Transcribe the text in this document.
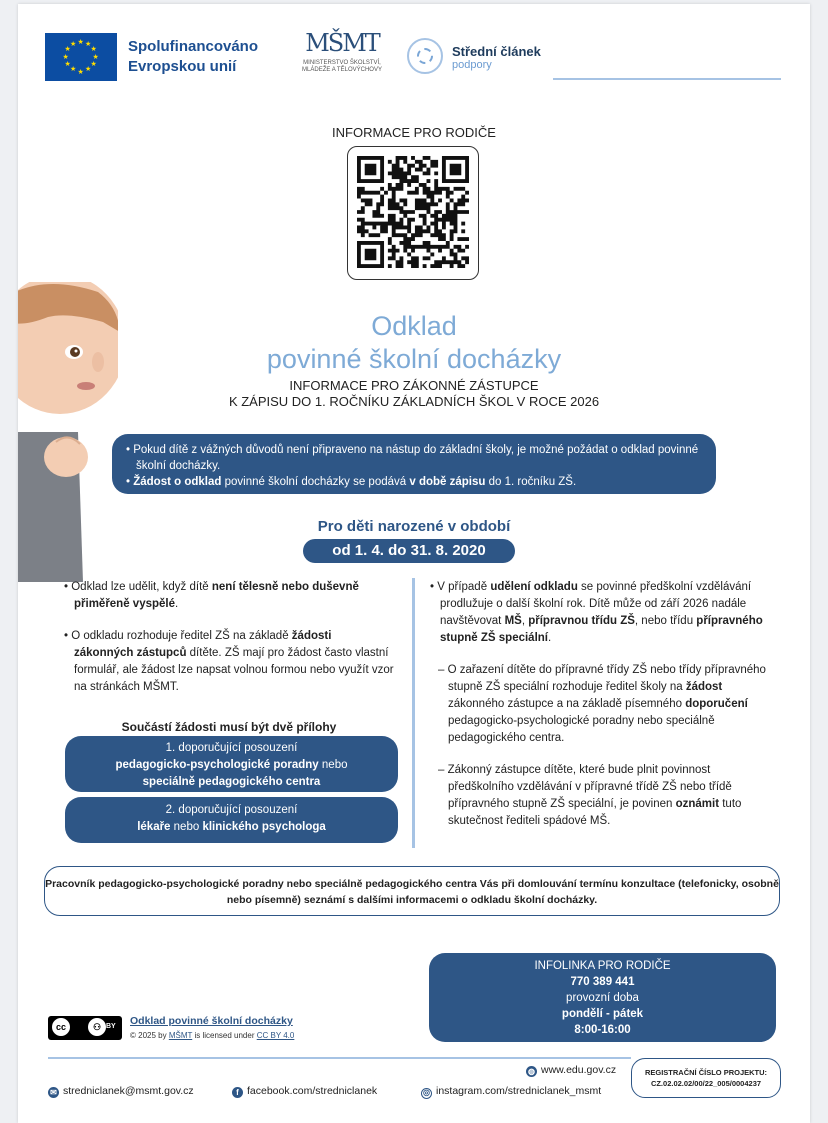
★
★
★
★
★
★
★
★
★ ★ ★
★ Spolufinancováno
Evropskou unií
MŠMT
MINISTERSTVO ŠKOLSTVÍ,
MLÁDEŽE A TĚLOVÝCHOVY
Střední článek
podpory
INFORMACE PRO RODIČE
Odklad
povinné školní docházky
INFORMACE PRO ZÁKONNÉ ZÁSTUPCE
K ZÁPISU DO 1. ROČNÍKU ZÁKLADNÍCH ŠKOL V ROCE 2026

• Pokud dítě z vážných důvodů není připraveno na nástup do základní školy, je možné požádat o odklad povinné školní docházky.

• Žádost o odklad povinné školní docházky se podává v době zápisu do 1. ročníku ZŠ.

Pro děti narozené v období
od 1. 4. do 31. 8. 2020

• Odklad lze udělit, když dítě není tělesně nebo duševně přiměřeně vyspělé.

• O odkladu rozhoduje ředitel ZŠ na základě žádosti zákonných zástupců dítěte. ZŠ mají pro žádost často vlastní formulář, ale žádost lze napsat volnou formou nebo využít vzor na stránkách MŠMT.

Součástí žádosti musí být dvě přílohy
1. doporučující posouzení
pedagogicko-psychologické poradny nebo
speciálně pedagogického centra
2. doporučující posouzení
lékaře nebo klinického psychologa

• V případě udělení odkladu se povinné předškolní vzdělávání prodlužuje o další školní rok. Dítě může od září 2026 nadále navštěvovat MŠ, přípravnou třídu ZŠ, nebo třídu přípravného stupně ZŠ speciální.

– O zařazení dítěte do přípravné třídy ZŠ nebo třídy přípravného stupně ZŠ speciální rozhoduje ředitel školy na žádost zákonného zástupce a na základě písemného doporučení pedagogicko-psychologické poradny nebo speciálně pedagogického centra.

– Zákonný zástupce dítěte, které bude plnit povinnost předškolního vzdělávání v přípravné třídě ZŠ nebo třídě přípravného stupně ZŠ speciální, je povinen oznámit tuto skutečnost řediteli spádové MŠ.

Pracovník pedagogicko-psychologické poradny nebo speciálně pedagogického centra Vás při domlouvání termínu konzultace (telefonicky, osobně nebo písemně) seznámí s dalšími informacemi o odkladu školní docházky.
INFOLINKA PRO RODIČE
770 389 441
provozní doba
pondělí - pátek
8:00-16:00
cc	⚇ BY Odklad povinné školní docházky
© 2025 by MŠMT is licensed under CC BY 4.0
◍ www.edu.gov.cz
✉ stredniclanek@msmt.gov.cz	f facebook.com/stredniclanek	◎ instagram.com/stredniclanek_msmt
REGISTRAČNÍ ČÍSLO PROJEKTU:
CZ.02.02.02/00/22_005/0004237
